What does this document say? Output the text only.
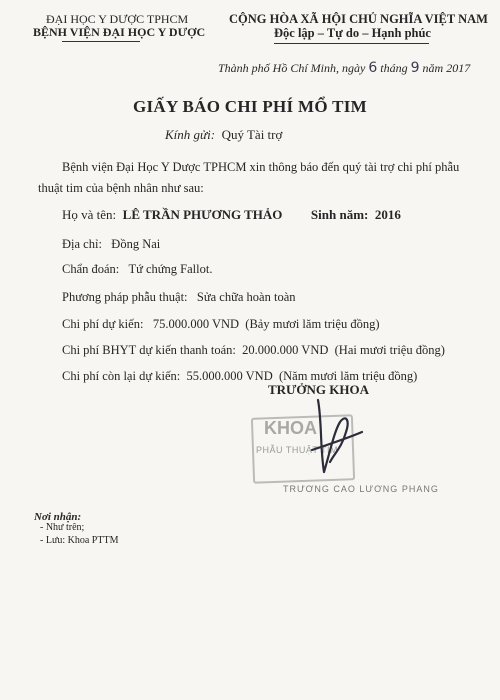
ĐẠI HỌC Y DƯỢC TPHCM
BỆNH VIỆN ĐẠI HỌC Y DƯỢC
CỘNG HÒA XÃ HỘI CHỦ NGHĨA VIỆT NAM
Độc lập – Tự do – Hạnh phúc
Thành phố Hồ Chí Minh, ngày 6 tháng 9 năm 2017
GIẤY BÁO CHI PHÍ MỔ TIM
Kính gửi: Quý Tài trợ
Bệnh viện Đại Học Y Dược TPHCM xin thông báo đến quý tài trợ chi phí phẫu
thuật tim của bệnh nhân như sau:
Họ và tên: LÊ TRẦN PHƯƠNG THẢO Sinh năm: 2016
Địa chỉ: Đồng Nai
Chẩn đoán: Tứ chứng Fallot.
Phương pháp phẫu thuật: Sửa chữa hoàn toàn
Chi phí dự kiến: 75.000.000 VND (Bảy mươi lăm triệu đồng)
Chi phí BHYT dự kiến thanh toán: 20.000.000 VND (Hai mươi triệu đồng)
Chi phí còn lại dự kiến: 55.000.000 VND (Năm mươi lăm triệu đồng)
TRƯỞNG KHOA
KHOA
PHẪU THUẬT TIM
TRƯƠNG CAO LƯƠNG PHANG
Nơi nhận:
- Như trên;
- Lưu: Khoa PTTM
